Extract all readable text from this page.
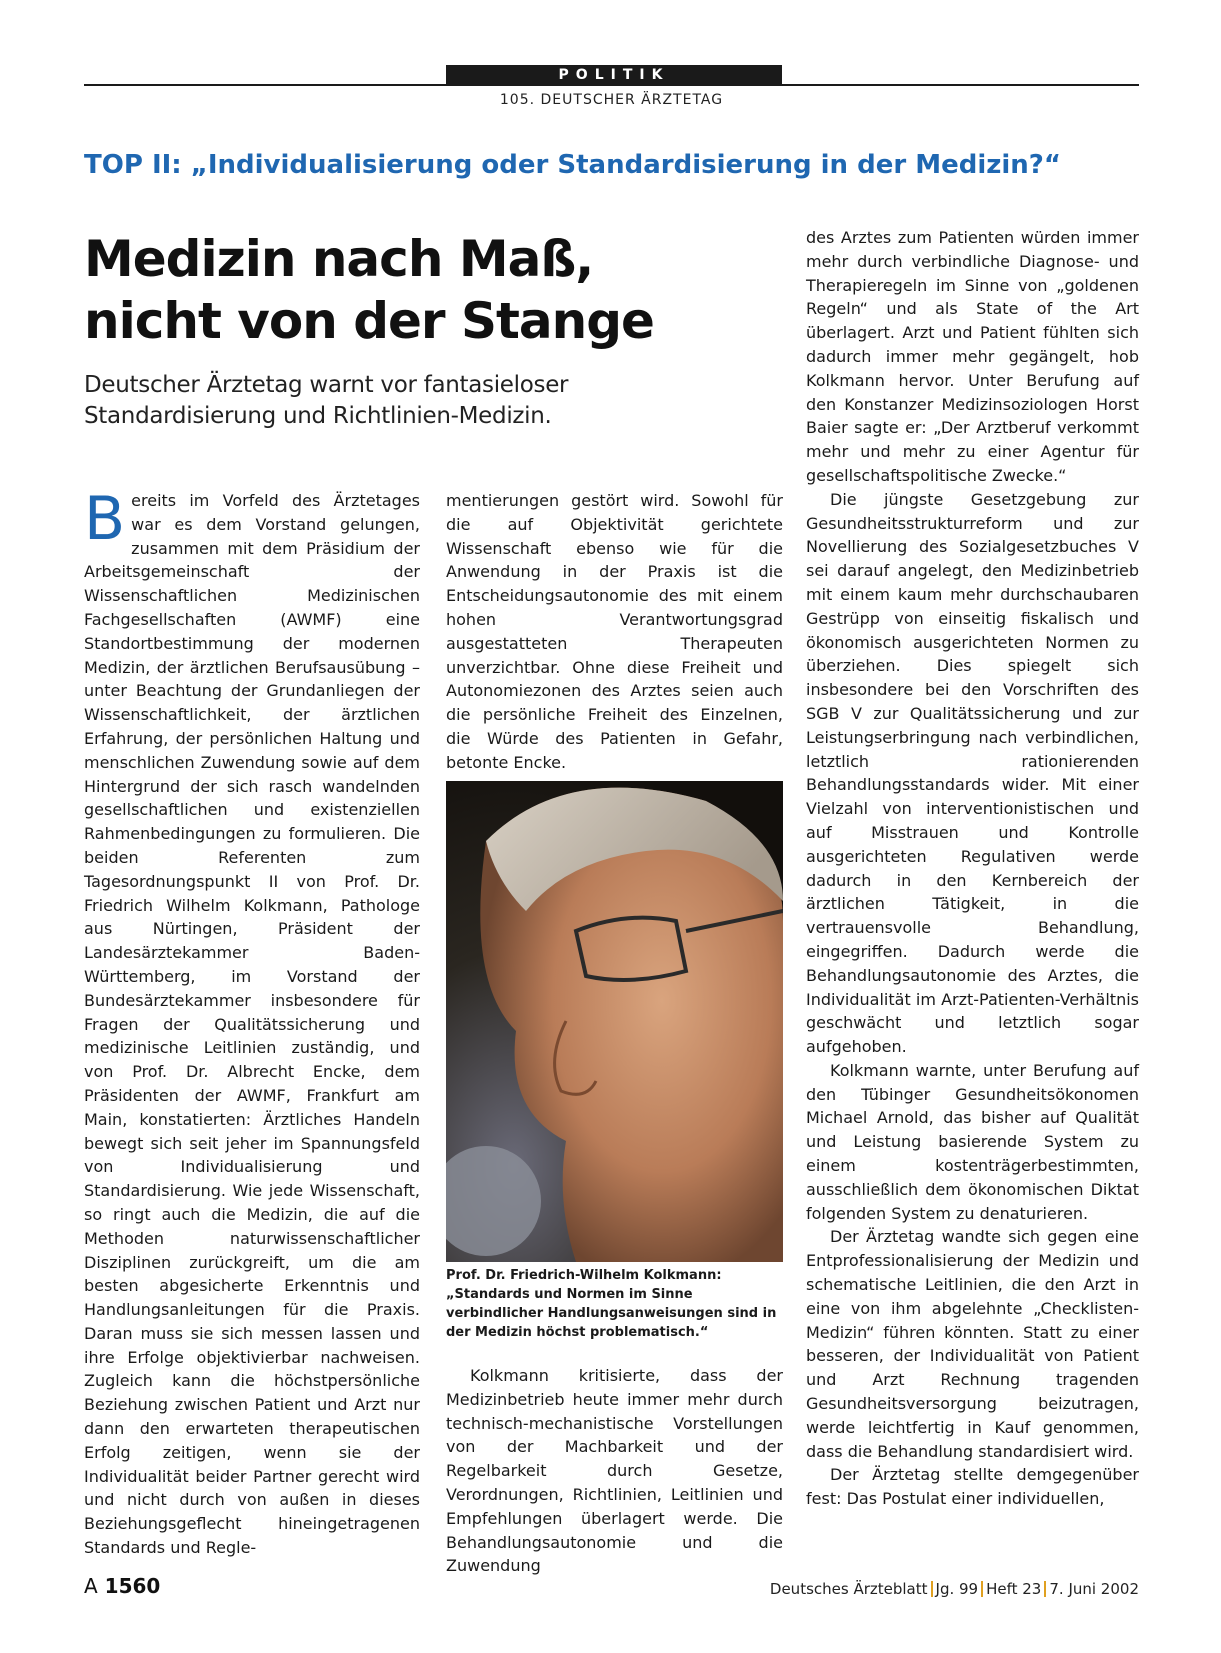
POLITIK
105. DEUTSCHER ÄRZTETAG
TOP II: „Individualisierung oder Standardisierung in der Medizin?“
Medizin nach Maß,
nicht von der Stange
Deutscher Ärztetag warnt vor fantasieloser
Standardisierung und Richtlinien-Medizin.
Bereits im Vorfeld des Ärztetages war es dem Vorstand gelungen, zusammen mit dem Präsidium der Arbeitsgemeinschaft der Wissenschaftlichen Medizinischen Fachgesellschaften (AWMF) eine Standortbestimmung der modernen Medizin, der ärztlichen Berufsausübung – unter Beachtung der Grundanliegen der Wissenschaftlichkeit, der ärztlichen Erfahrung, der persönlichen Haltung und menschlichen Zuwendung sowie auf dem Hintergrund der sich rasch wandelnden gesellschaftlichen und existenziellen Rahmenbedingungen zu formulieren. Die beiden Referenten zum Tagesordnungspunkt II von Prof. Dr. Friedrich Wilhelm Kolkmann, Pathologe aus Nürtingen, Präsident der Landesärztekammer Baden-Württemberg, im Vorstand der Bundesärztekammer insbesondere für Fragen der Qualitätssicherung und medizinische Leitlinien zuständig, und von Prof. Dr. Albrecht Encke, dem Präsidenten der AWMF, Frankfurt am Main, konstatierten: Ärztliches Handeln bewegt sich seit jeher im Spannungsfeld von Individualisierung und Standardisierung. Wie jede Wissenschaft, so ringt auch die Medizin, die auf die Methoden naturwissenschaftlicher Disziplinen zurückgreift, um die am besten abgesicherte Erkenntnis und Handlungsanleitungen für die Praxis. Daran muss sie sich messen lassen und ihre Erfolge objektivierbar nachweisen. Zugleich kann die höchstpersönliche Beziehung zwischen Patient und Arzt nur dann den erwarteten therapeutischen Erfolg zeitigen, wenn sie der Individualität beider Partner gerecht wird und nicht durch von außen in dieses Beziehungsgeflecht hineingetragenen Standards und Regle-
mentierungen gestört wird. Sowohl für die auf Objektivität gerichtete Wissenschaft ebenso wie für die Anwendung in der Praxis ist die Entscheidungsautonomie des mit einem hohen Verantwortungsgrad ausgestatteten Therapeuten unverzichtbar. Ohne diese Freiheit und Autonomiezonen des Arztes seien auch die persönliche Freiheit des Einzelnen, die Würde des Patienten in Gefahr, betonte Encke.
Prof. Dr. Friedrich-Wilhelm Kolkmann: „Standards und Normen im Sinne verbindlicher Handlungsanweisungen sind in der Medizin höchst problematisch.“
Kolkmann kritisierte, dass der Medizinbetrieb heute immer mehr durch technisch-mechanistische Vorstellungen von der Machbarkeit und der Regelbarkeit durch Gesetze, Verordnungen, Richtlinien, Leitlinien und Empfehlungen überlagert werde. Die Behandlungsautonomie und die Zuwendung

des Arztes zum Patienten würden immer mehr durch verbindliche Diagnose- und Therapieregeln im Sinne von „goldenen Regeln“ und als State of the Art überlagert. Arzt und Patient fühlten sich dadurch immer mehr gegängelt, hob Kolkmann hervor. Unter Berufung auf den Konstanzer Medizinsoziologen Horst Baier sagte er: „Der Arztberuf verkommt mehr und mehr zu einer Agentur für gesellschaftspolitische Zwecke.“

Die jüngste Gesetzgebung zur Gesundheitsstrukturreform und zur Novellierung des Sozialgesetzbuches V sei darauf angelegt, den Medizinbetrieb mit einem kaum mehr durchschaubaren Gestrüpp von einseitig fiskalisch und ökonomisch ausgerichteten Normen zu überziehen. Dies spiegelt sich insbesondere bei den Vorschriften des SGB V zur Qualitätssicherung und zur Leistungserbringung nach verbindlichen, letztlich rationierenden Behandlungsstandards wider. Mit einer Vielzahl von interventionistischen und auf Misstrauen und Kontrolle ausgerichteten Regulativen werde dadurch in den Kernbereich der ärztlichen Tätigkeit, in die vertrauensvolle Behandlung, eingegriffen. Dadurch werde die Behandlungsautonomie des Arztes, die Individualität im Arzt-Patienten-Verhältnis geschwächt und letztlich sogar aufgehoben.

Kolkmann warnte, unter Berufung auf den Tübinger Gesundheitsökonomen Michael Arnold, das bisher auf Qualität und Leistung basierende System zu einem kostenträgerbestimmten, ausschließlich dem ökonomischen Diktat folgenden System zu denaturieren.

Der Ärztetag wandte sich gegen eine Entprofessionalisierung der Medizin und schematische Leitlinien, die den Arzt in eine von ihm abgelehnte „Checklisten-Medizin“ führen könnten. Statt zu einer besseren, der Individualität von Patient und Arzt Rechnung tragenden Gesundheitsversorgung beizutragen, werde leichtfertig in Kauf genommen, dass die Behandlung standardisiert wird.

Der Ärztetag stellte demgegenüber fest: Das Postulat einer individuellen,

A 1560	Deutsches Ärzteblatt Jg. 99 Heft 23 7. Juni 2002
